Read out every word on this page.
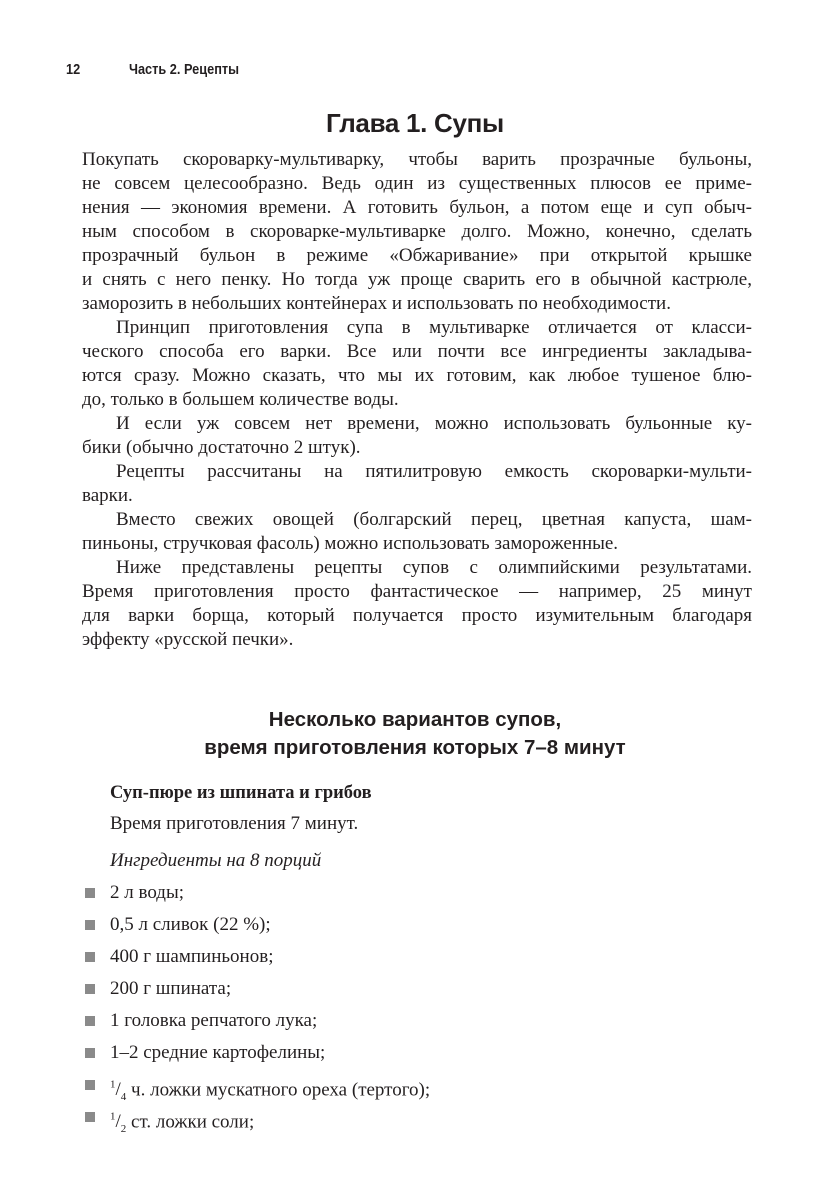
12	Часть 2. Рецепты
Глава 1. Супы
Покупать скороварку-мультиварку, чтобы варить прозрачные бульоны,
не совсем целесообразно. Ведь один из существенных плюсов ее приме-
нения — экономия времени. А готовить бульон, а потом еще и суп обыч-
ным способом в скороварке-мультиварке долго. Можно, конечно, сделать
прозрачный бульон в режиме «Обжаривание» при открытой крышке
и снять с него пенку. Но тогда уж проще сварить его в обычной кастрюле,
заморозить в небольших контейнерах и использовать по необходимости.
Принцип приготовления супа в мультиварке отличается от класси-
ческого способа его варки. Все или почти все ингредиенты закладыва-
ются сразу. Можно сказать, что мы их готовим, как любое тушеное блю-
до, только в большем количестве воды.
И если уж совсем нет времени, можно использовать бульонные ку-
бики (обычно достаточно 2 штук).
Рецепты рассчитаны на пятилитровую емкость скороварки-мульти-
варки.
Вместо свежих овощей (болгарский перец, цветная капуста, шам-
пиньоны, стручковая фасоль) можно использовать замороженные.
Ниже представлены рецепты супов с олимпийскими результатами.
Время приготовления просто фантастическое — например, 25 минут
для варки борща, который получается просто изумительным благодаря
эффекту «русской печки».
Несколько вариантов супов,
время приготовления которых 7–8 минут
Суп-пюре из шпината и грибов
Время приготовления 7 минут.
Ингредиенты на 8 порций
2 л воды;
0,5 л сливок (22 %);
400 г шампиньонов;
200 г шпината;
1 головка репчатого лука;
1–2 средние картофелины;
$^1/_4$ ч. ложки мускатного ореха (тертого);
$^1/_2$ ст. ложки соли;
